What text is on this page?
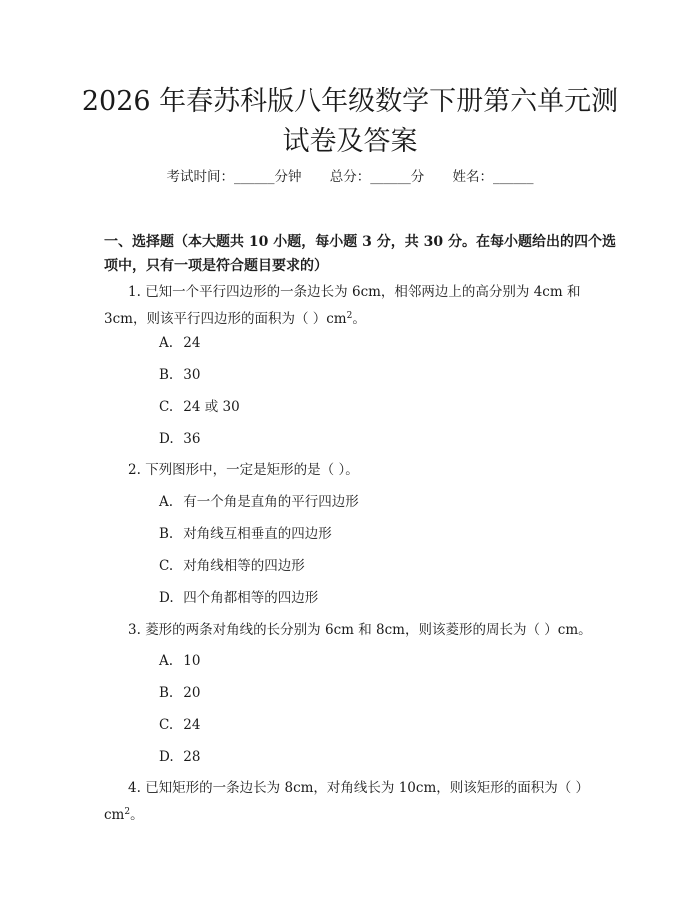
2026 年春苏科版八年级数学下册第六单元测
试卷及答案
考试时间：______分钟 总分：______分 姓名：______
一、选择题（本大题共 10 小题，每小题 3 分，共 30 分。在每小题给出的四个选项中，只有一项是符合题目要求的）
1. 已知一个平行四边形的一条边长为 6cm，相邻两边上的高分别为 4cm 和 3cm，则该平行四边形的面积为（ ）$cm^2$。
A. 24
B. 30
C. 24 或 30
D. 36
2. 下列图形中，一定是矩形的是（ ）。
A. 有一个角是直角的平行四边形
B. 对角线互相垂直的四边形
C. 对角线相等的四边形
D. 四个角都相等的四边形
3. 菱形的两条对角线的长分别为 6cm 和 8cm，则该菱形的周长为（ ）cm。
A. 10
B. 20
C. 24
D. 28
4. 已知矩形的一条边长为 8cm，对角线长为 10cm，则该矩形的面积为（ ）$cm^2$。
